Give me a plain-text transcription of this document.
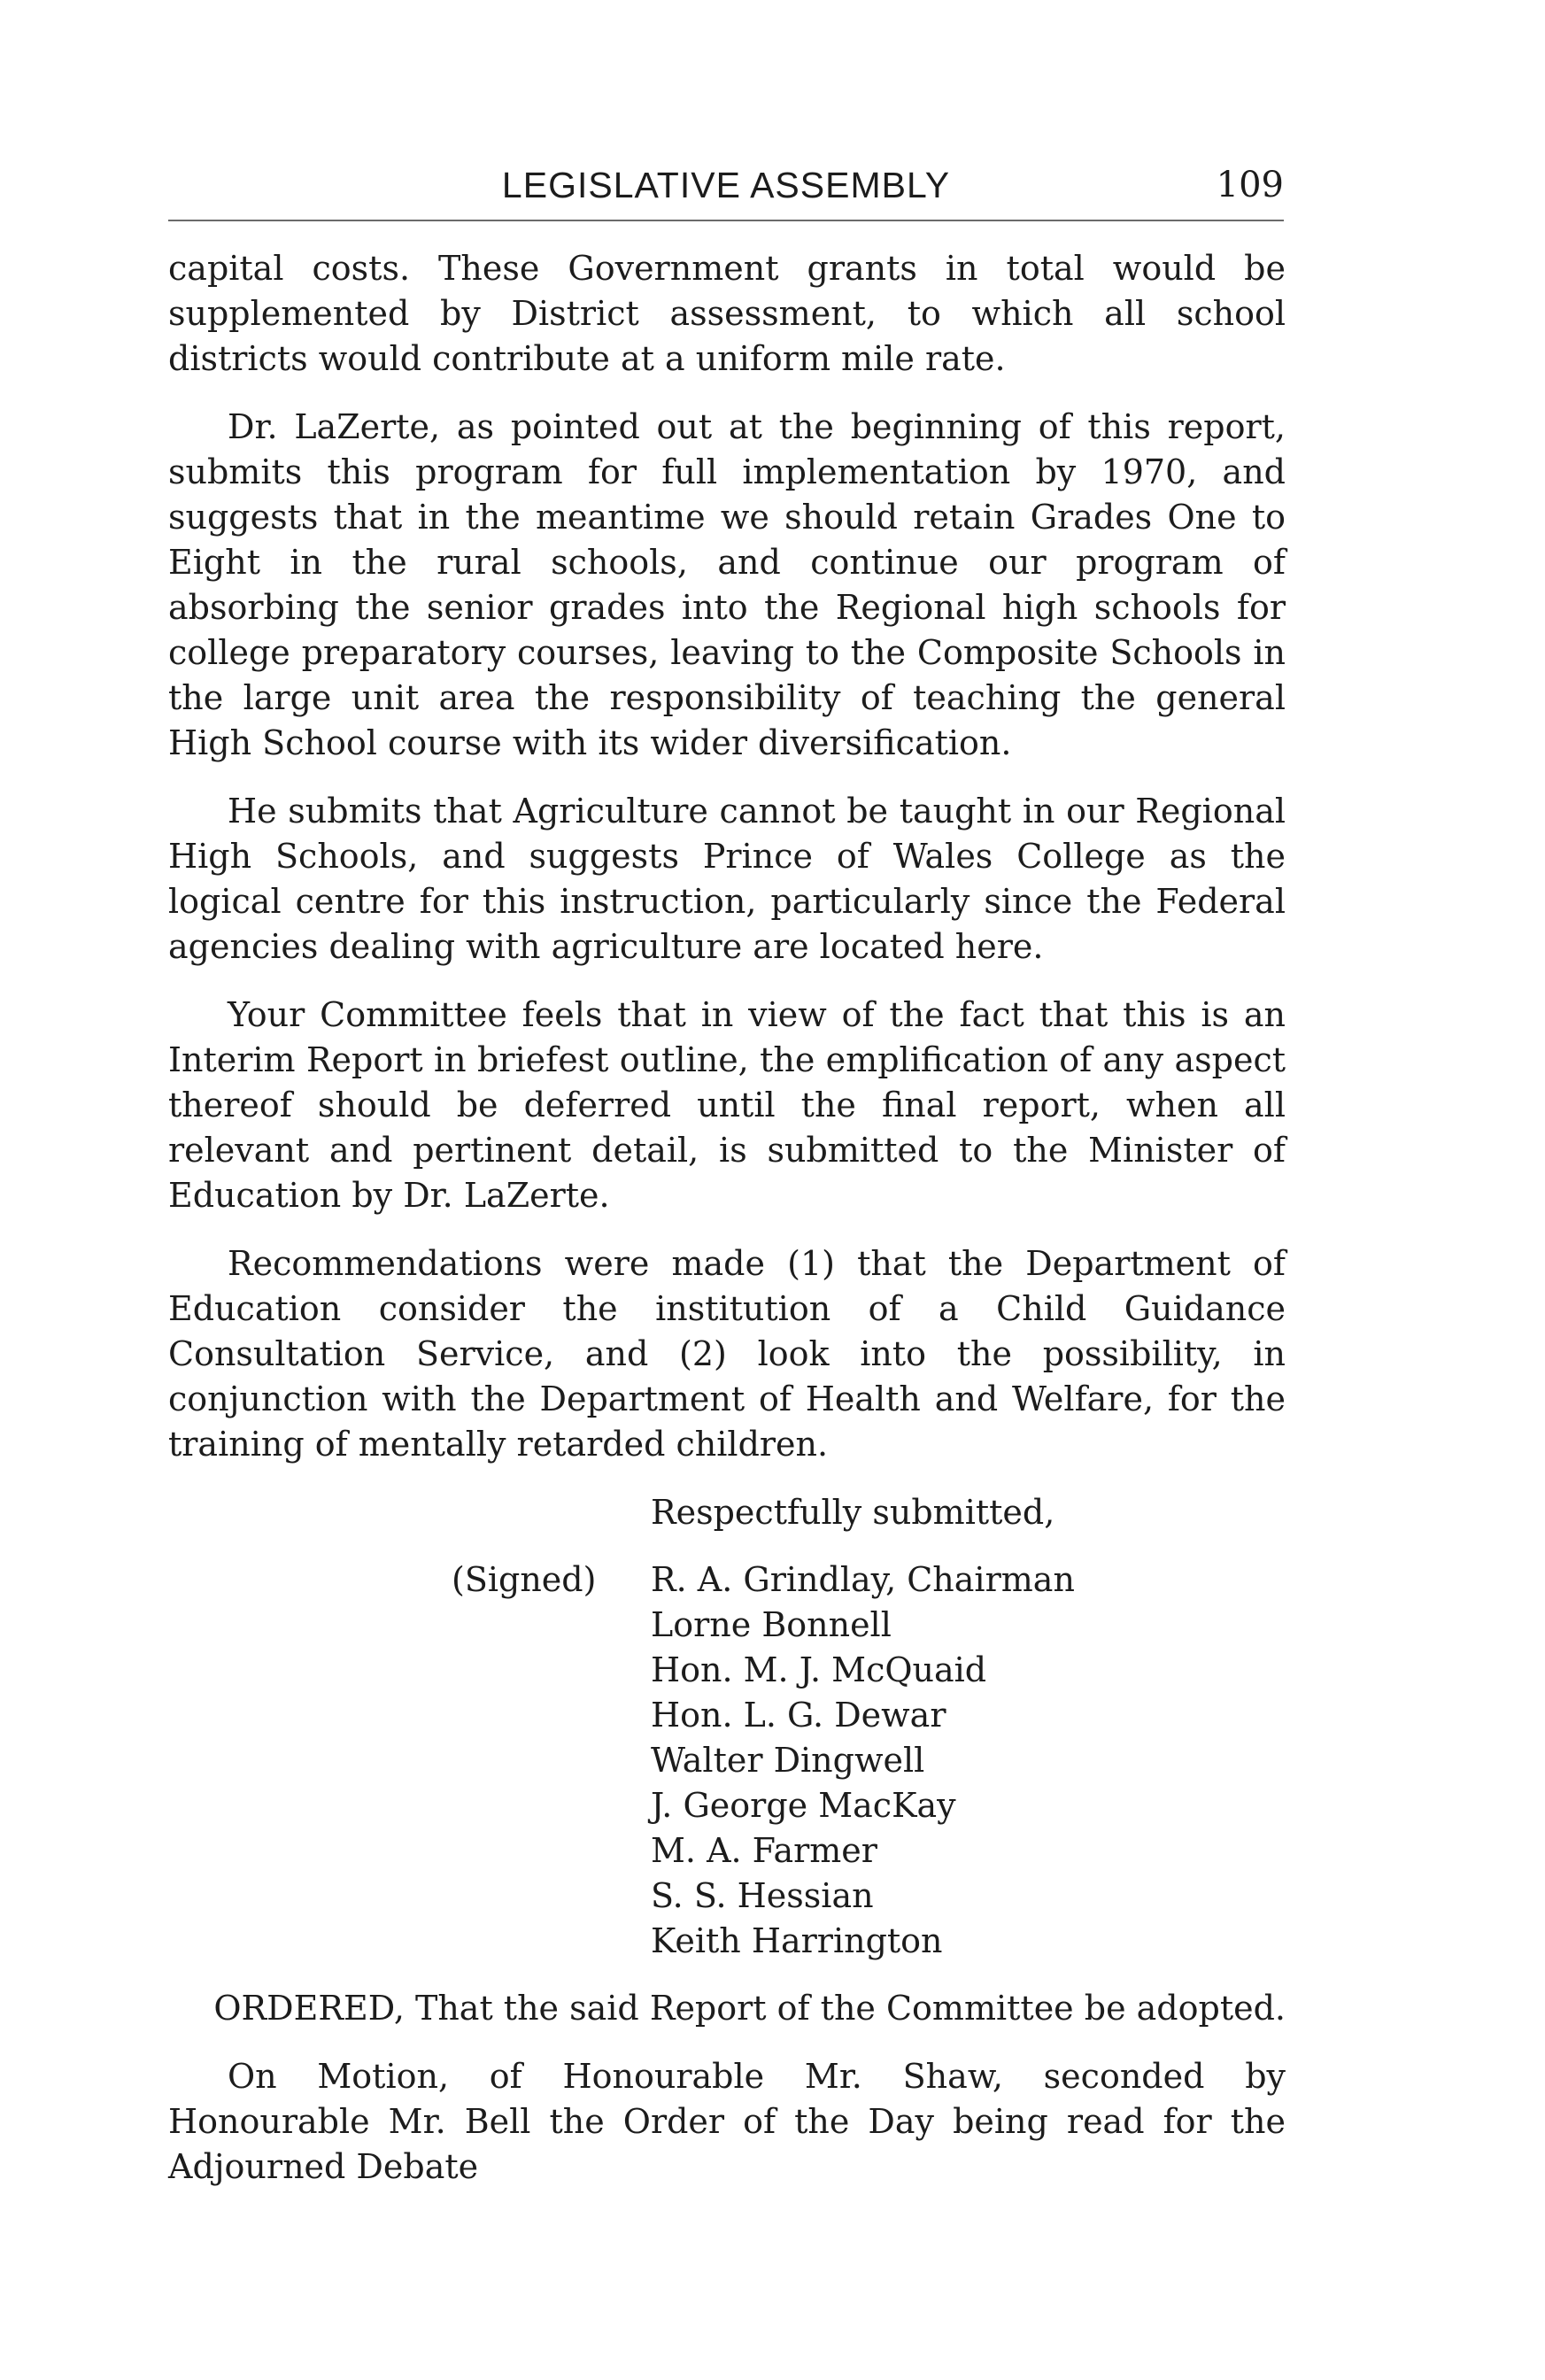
LEGISLATIVE ASSEMBLY	109

capital costs. These Government grants in total would be supplemented by District assessment, to which all school districts would contribute at a uniform mile rate.

Dr. LaZerte, as pointed out at the beginning of this report, submits this program for full implementation by 1970, and suggests that in the meantime we should retain Grades One to Eight in the rural schools, and continue our program of absorbing the senior grades into the Regional high schools for college preparatory courses, leaving to the Composite Schools in the large unit area the responsibility of teaching the general High School course with its wider diversification.

He submits that Agriculture cannot be taught in our Regional High Schools, and suggests Prince of Wales College as the logical centre for this instruction, particularly since the Federal agencies dealing with agriculture are located here.

Your Committee feels that in view of the fact that this is an Interim Report in briefest outline, the emplification of any aspect thereof should be deferred until the final report, when all relevant and pertinent detail, is submitted to the Minister of Education by Dr. LaZerte.

Recommendations were made (1) that the Department of Education consider the institution of a Child Guidance Consultation Service, and (2) look into the possibility, in conjunction with the Department of Health and Welfare, for the training of mentally retarded children.

Respectfully submitted,
(Signed) R. A. Grindlay, Chairman
Lorne Bonnell
Hon. M. J. McQuaid
Hon. L. G. Dewar
Walter Dingwell
J. George MacKay
M. A. Farmer
S. S. Hessian
Keith Harrington

ORDERED, That the said Report of the Committee be adopted.

On Motion, of Honourable Mr. Shaw, seconded by Honourable Mr. Bell the Order of the Day being read for the Adjourned Debate
